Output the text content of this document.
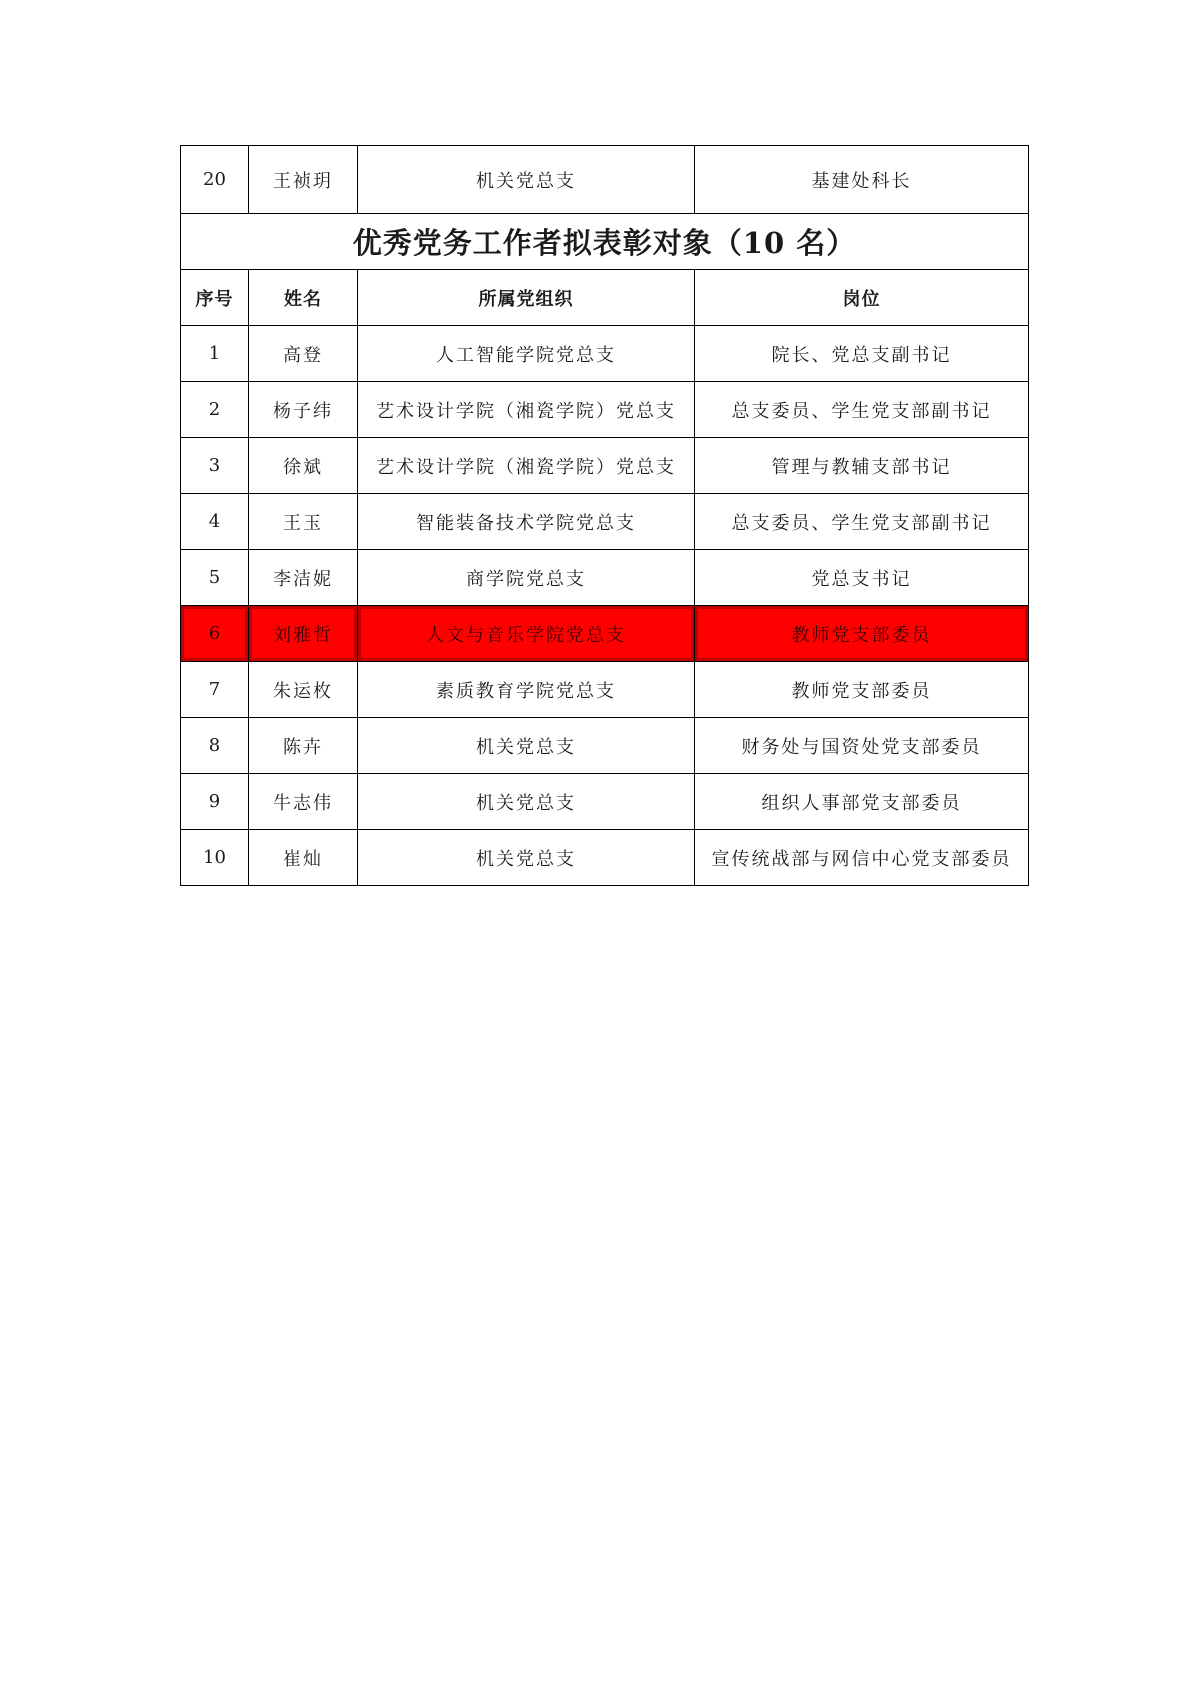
20	王祯玥	机关党总支	基建处科长
优秀党务工作者拟表彰对象（10 名）			
序号	姓名	所属党组织	岗位
1	高登	人工智能学院党总支	院长、党总支副书记
2	杨子纬	艺术设计学院（湘瓷学院）党总支	总支委员、学生党支部副书记
3	徐斌	艺术设计学院（湘瓷学院）党总支	管理与教辅支部书记
4	王玉	智能装备技术学院党总支	总支委员、学生党支部副书记
5	李洁妮	商学院党总支	党总支书记
6	刘雅哲	人文与音乐学院党总支	教师党支部委员
7	朱运枚	素质教育学院党总支	教师党支部委员
8	陈卉	机关党总支	财务处与国资处党支部委员
9	牛志伟	机关党总支	组织人事部党支部委员
10	崔灿	机关党总支	宣传统战部与网信中心党支部委员
